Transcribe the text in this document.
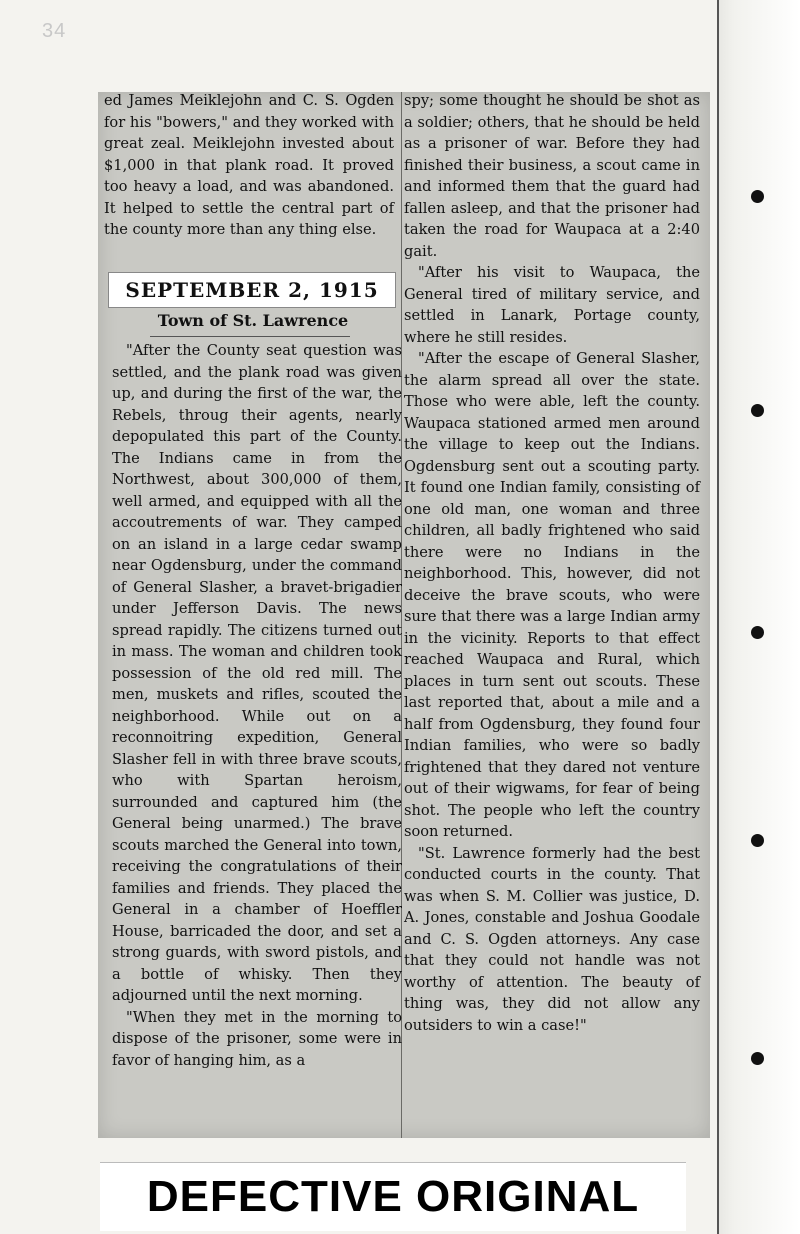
34

ed James Meiklejohn and C. S. Ogden for his "bowers," and they worked with great zeal. Meiklejohn invested about $1,000 in that plank road. It proved too heavy a load, and was abandoned. It helped to settle the central part of the county more than any thing else.

SEPTEMBER 2, 1915
Town of St. Lawrence

"After the County seat question was settled, and the plank road was given up, and during the first of the war, the Rebels, throug their agents, nearly depopulated this part of the County. The Indians came in from the Northwest, about 300,000 of them, well armed, and equipped with all the accoutrements of war. They camped on an island in a large cedar swamp near Ogdensburg, under the command of General Slasher, a bravet-brigadier under Jefferson Davis. The news spread rapidly. The citizens turned out in mass. The woman and children took possession of the old red mill. The men, muskets and rifles, scouted the neighborhood. While out on a reconnoitring expedition, General Slasher fell in with three brave scouts, who with Spartan heroism, surrounded and captured him (the General being unarmed.) The brave scouts marched the General into town, receiving the congratulations of their families and friends. They placed the General in a chamber of Hoeffler House, barricaded the door, and set a strong guards, with sword pistols, and a bottle of whisky. Then they adjourned until the next morning.

"When they met in the morning to dispose of the prisoner, some were in favor of hanging him, as a

spy; some thought he should be shot as a soldier; others, that he should be held as a prisoner of war. Before they had finished their business, a scout came in and informed them that the guard had fallen asleep, and that the prisoner had taken the road for Waupaca at a 2:40 gait.

"After his visit to Waupaca, the General tired of military service, and settled in Lanark, Portage county, where he still resides.

"After the escape of General Slasher, the alarm spread all over the state. Those who were able, left the county. Waupaca stationed armed men around the village to keep out the Indians. Ogdensburg sent out a scouting party. It found one Indian family, consisting of one old man, one woman and three children, all badly frightened who said there were no Indians in the neighborhood. This, however, did not deceive the brave scouts, who were sure that there was a large Indian army in the vicinity. Reports to that effect reached Waupaca and Rural, which places in turn sent out scouts. These last reported that, about a mile and a half from Ogdensburg, they found four Indian families, who were so badly frightened that they dared not venture out of their wigwams, for fear of being shot. The people who left the country soon returned.

"St. Lawrence formerly had the best conducted courts in the county. That was when S. M. Collier was justice, D. A. Jones, constable and Joshua Goodale and C. S. Ogden attorneys. Any case that they could not handle was not worthy of attention. The beauty of thing was, they did not allow any outsiders to win a case!"

DEFECTIVE ORIGINAL
